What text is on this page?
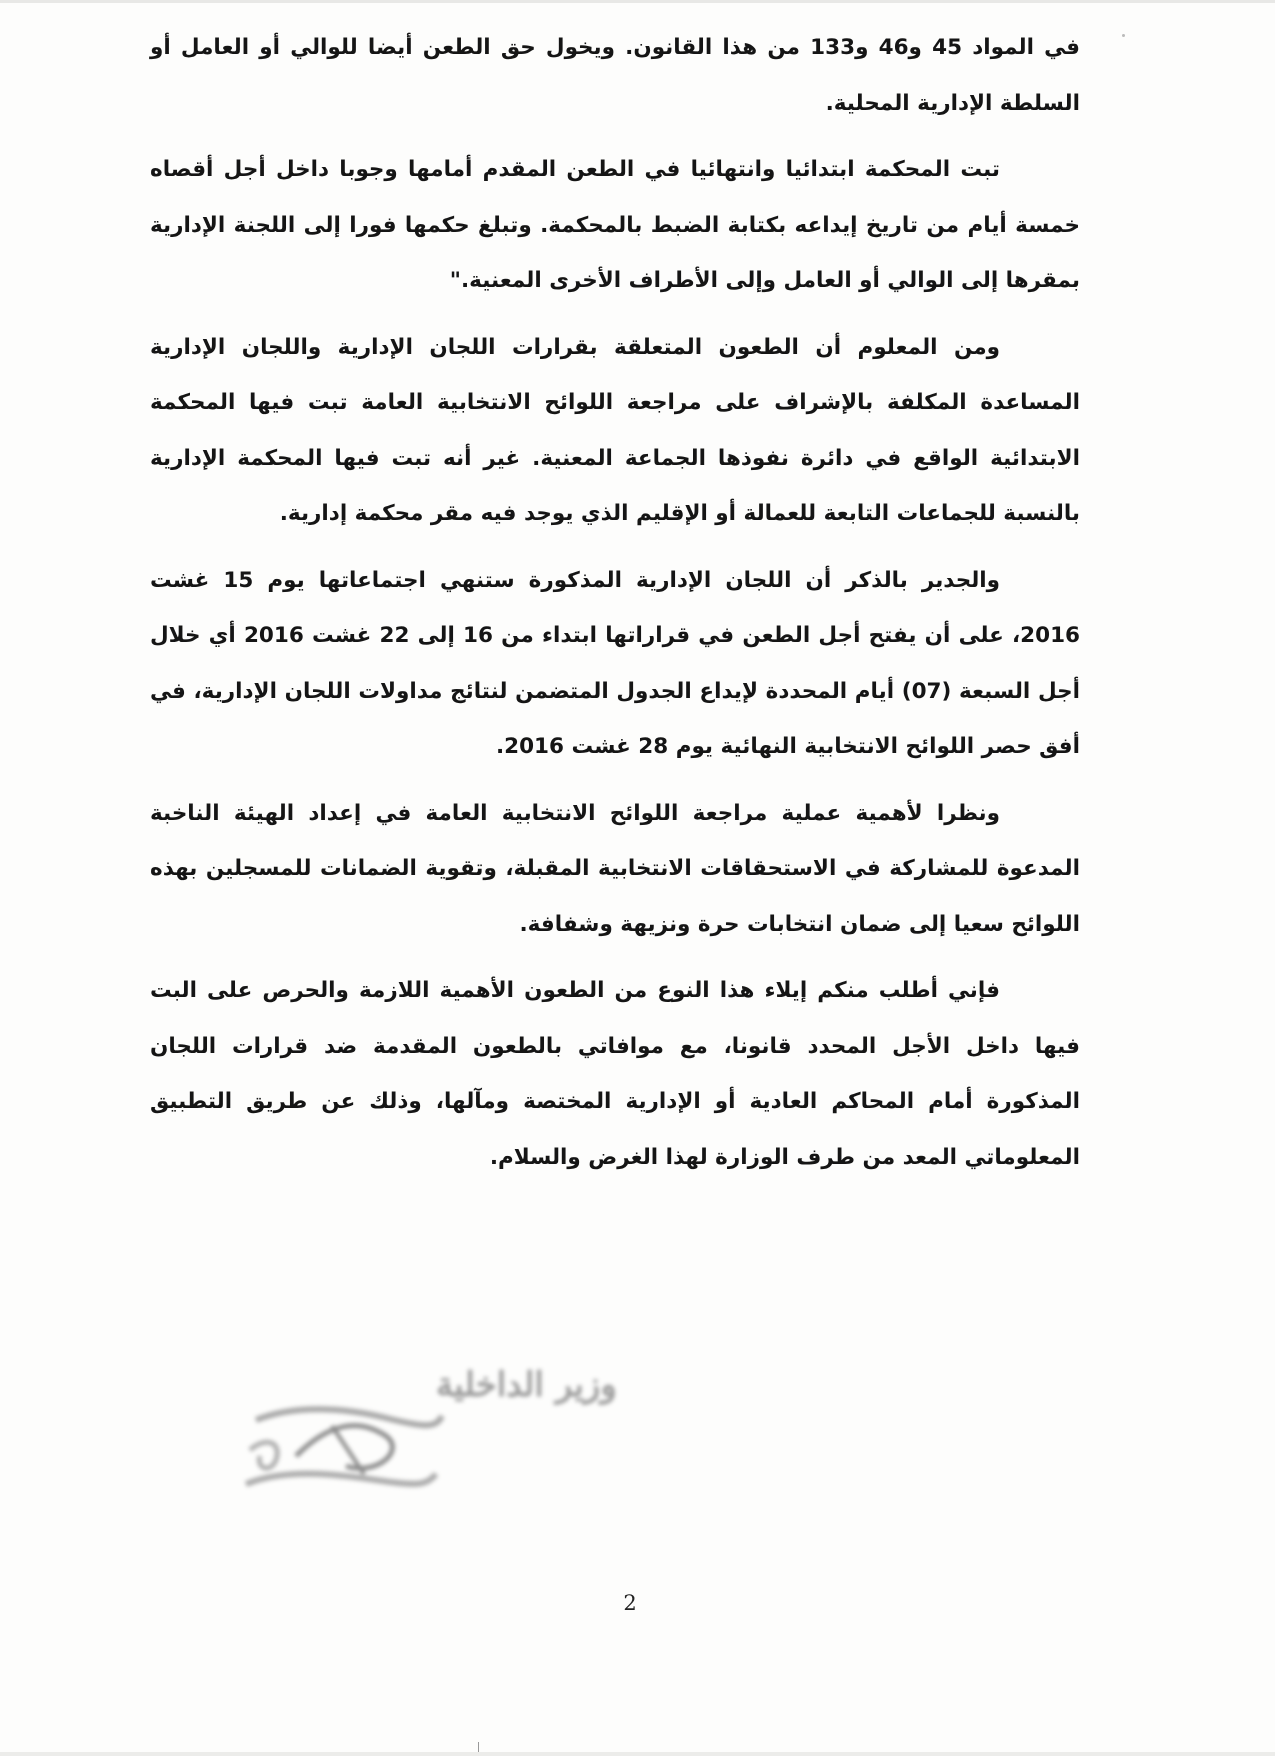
في المواد 45 و46 و133 من هذا القانون. ويخول حق الطعن أيضا للوالي أو العامل أو السلطة الإدارية المحلية.

تبت المحكمة ابتدائيا وانتهائيا في الطعن المقدم أمامها وجوبا داخل أجل أقصاه خمسة أيام من تاريخ إيداعه بكتابة الضبط بالمحكمة. وتبلغ حكمها فورا إلى اللجنة الإدارية بمقرها إلى الوالي أو العامل وإلى الأطراف الأخرى المعنية."

ومن المعلوم أن الطعون المتعلقة بقرارات اللجان الإدارية واللجان الإدارية المساعدة المكلفة بالإشراف على مراجعة اللوائح الانتخابية العامة تبت فيها المحكمة الابتدائية الواقع في دائرة نفوذها الجماعة المعنية. غير أنه تبت فيها المحكمة الإدارية بالنسبة للجماعات التابعة للعمالة أو الإقليم الذي يوجد فيه مقر محكمة إدارية.

والجدير بالذكر أن اللجان الإدارية المذكورة ستنهي اجتماعاتها يوم 15 غشت 2016، على أن يفتح أجل الطعن في قراراتها ابتداء من 16 إلى 22 غشت 2016 أي خلال أجل السبعة (07) أيام المحددة لإيداع الجدول المتضمن لنتائج مداولات اللجان الإدارية، في أفق حصر اللوائح الانتخابية النهائية يوم 28 غشت 2016.

ونظرا لأهمية عملية مراجعة اللوائح الانتخابية العامة في إعداد الهيئة الناخبة المدعوة للمشاركة في الاستحقاقات الانتخابية المقبلة، وتقوية الضمانات للمسجلين بهذه اللوائح سعيا إلى ضمان انتخابات حرة ونزيهة وشفافة.

فإني أطلب منكم إيلاء هذا النوع من الطعون الأهمية اللازمة والحرص على البت فيها داخل الأجل المحدد قانونا، مع موافاتي بالطعون المقدمة ضد قرارات اللجان المذكورة أمام المحاكم العادية أو الإدارية المختصة ومآلها، وذلك عن طريق التطبيق المعلوماتي المعد من طرف الوزارة لهذا الغرض والسلام.

وزير الداخلية
2
